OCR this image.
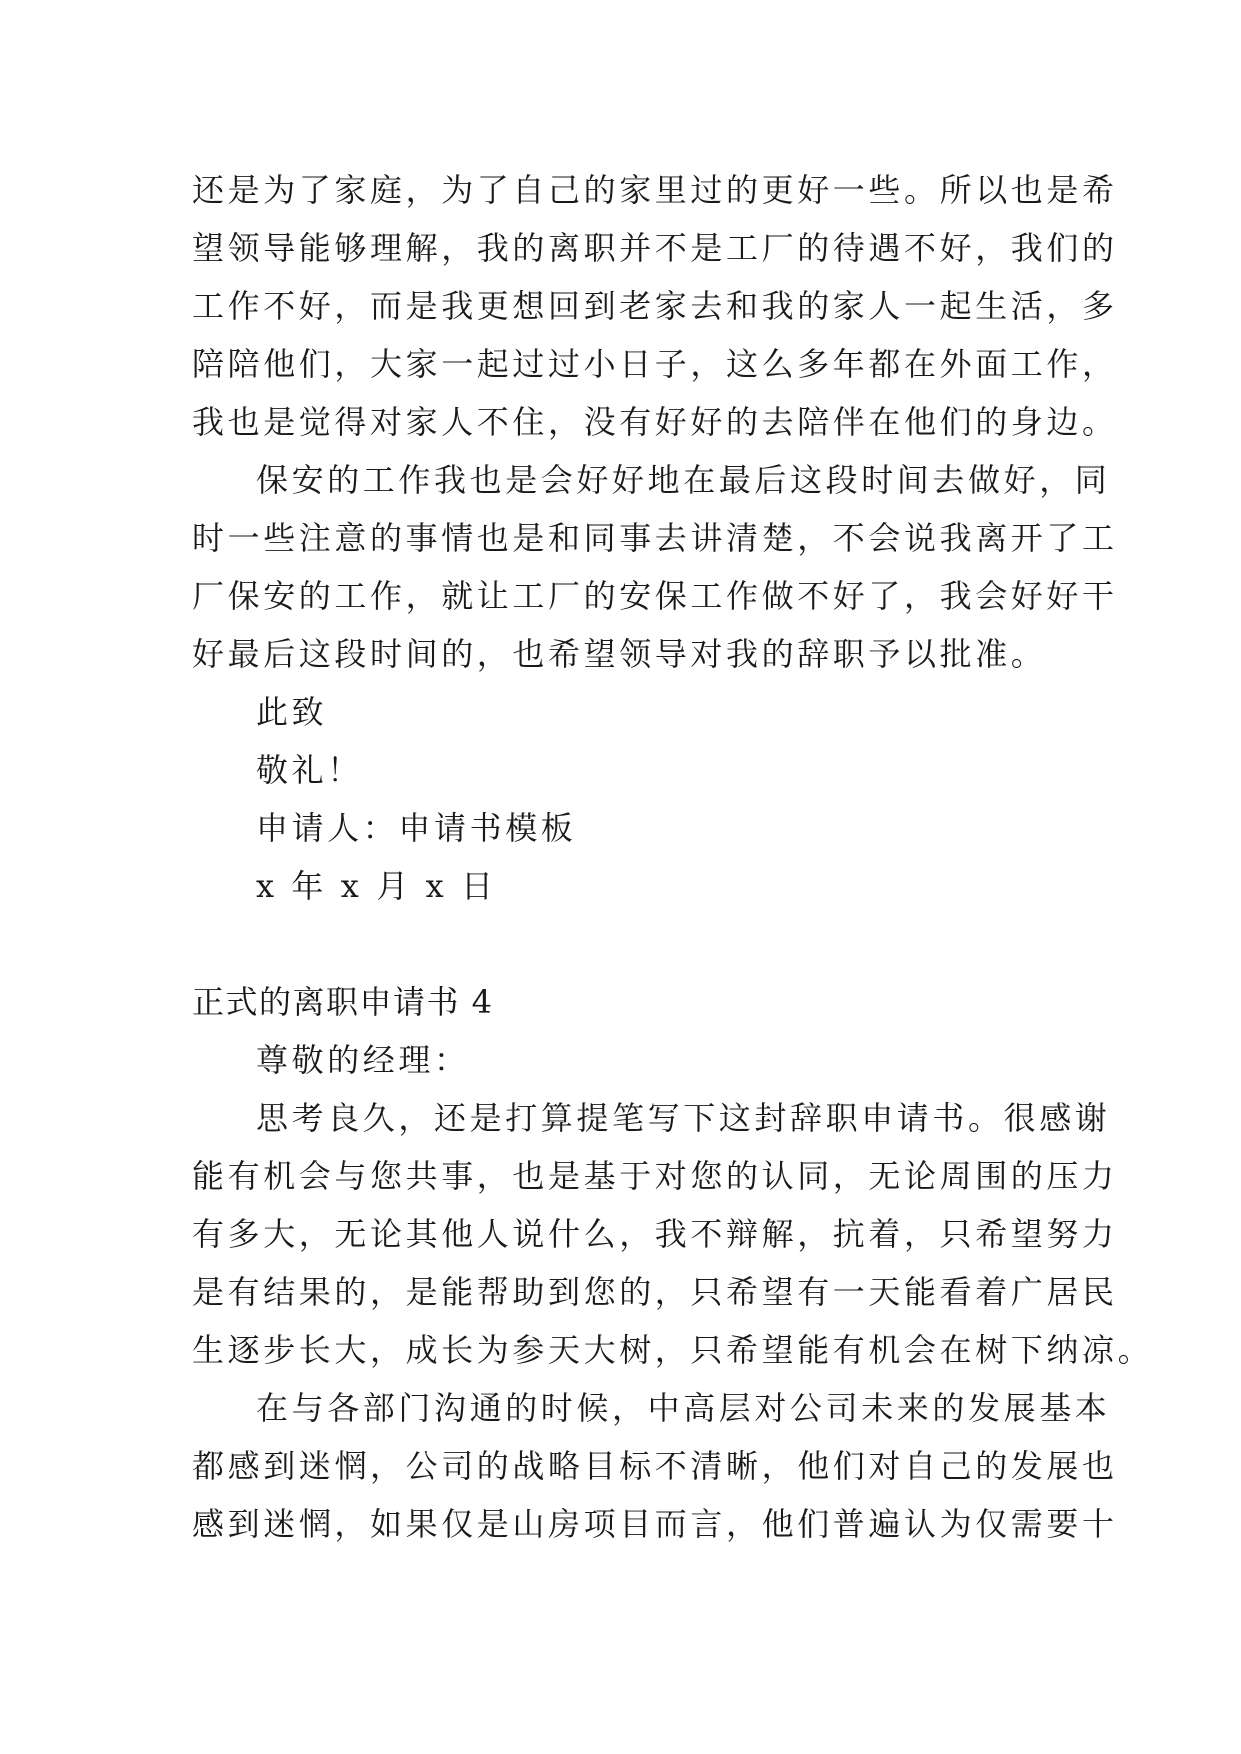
还是为了家庭，为了自己的家里过的更好一些。所以也是希
望领导能够理解，我的离职并不是工厂的待遇不好，我们的
工作不好，而是我更想回到老家去和我的家人一起生活，多
陪陪他们，大家一起过过小日子，这么多年都在外面工作，
我也是觉得对家人不住，没有好好的去陪伴在他们的身边。
保安的工作我也是会好好地在最后这段时间去做好，同
时一些注意的事情也是和同事去讲清楚，不会说我离开了工
厂保安的工作，就让工厂的安保工作做不好了，我会好好干
好最后这段时间的，也希望领导对我的辞职予以批准。
此致
敬礼！
申请人：申请书模板
x 年 x 月 x 日
正式的离职申请书 4
尊敬的经理：
思考良久，还是打算提笔写下这封辞职申请书。很感谢
能有机会与您共事，也是基于对您的认同，无论周围的压力
有多大，无论其他人说什么，我不辩解，抗着，只希望努力
是有结果的，是能帮助到您的，只希望有一天能看着广居民
生逐步长大，成长为参天大树，只希望能有机会在树下纳凉。
在与各部门沟通的时候，中高层对公司未来的发展基本
都感到迷惘，公司的战略目标不清晰，他们对自己的发展也
感到迷惘，如果仅是山房项目而言，他们普遍认为仅需要十
